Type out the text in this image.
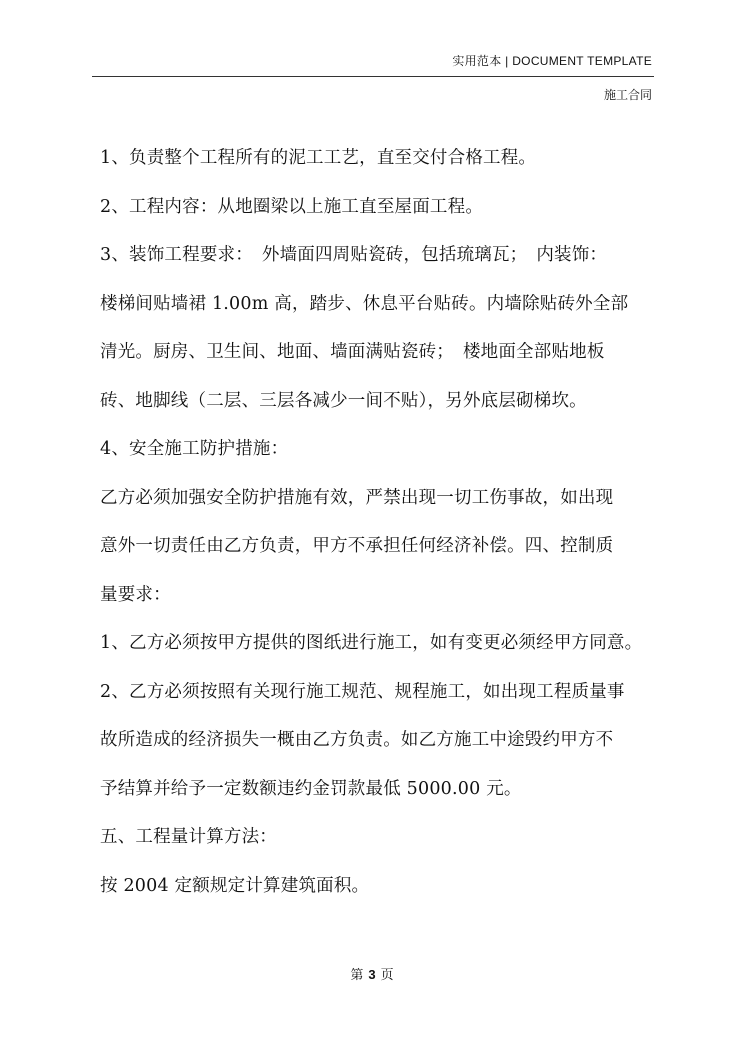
实用范本 | DOCUMENT TEMPLATE
施工合同
1、负责整个工程所有的泥工工艺，直至交付合格工程。
2、工程内容：从地圈梁以上施工直至屋面工程。
3、装饰工程要求：　外墙面四周贴瓷砖，包括琉璃瓦；　内装饰：
楼梯间贴墙裙 1.00m 高，踏步、休息平台贴砖。内墙除贴砖外全部
清光。厨房、卫生间、地面、墙面满贴瓷砖；　楼地面全部贴地板
砖、地脚线（二层、三层各减少一间不贴），另外底层砌梯坎。
4、安全施工防护措施：
乙方必须加强安全防护措施有效，严禁出现一切工伤事故，如出现
意外一切责任由乙方负责，甲方不承担任何经济补偿。四、控制质
量要求：
1、乙方必须按甲方提供的图纸进行施工，如有变更必须经甲方同意。
2、乙方必须按照有关现行施工规范、规程施工，如出现工程质量事
故所造成的经济损失一概由乙方负责。如乙方施工中途毁约甲方不
予结算并给予一定数额违约金罚款最低 5000.00 元。
五、工程量计算方法：
按 2004 定额规定计算建筑面积。
第 3 页
